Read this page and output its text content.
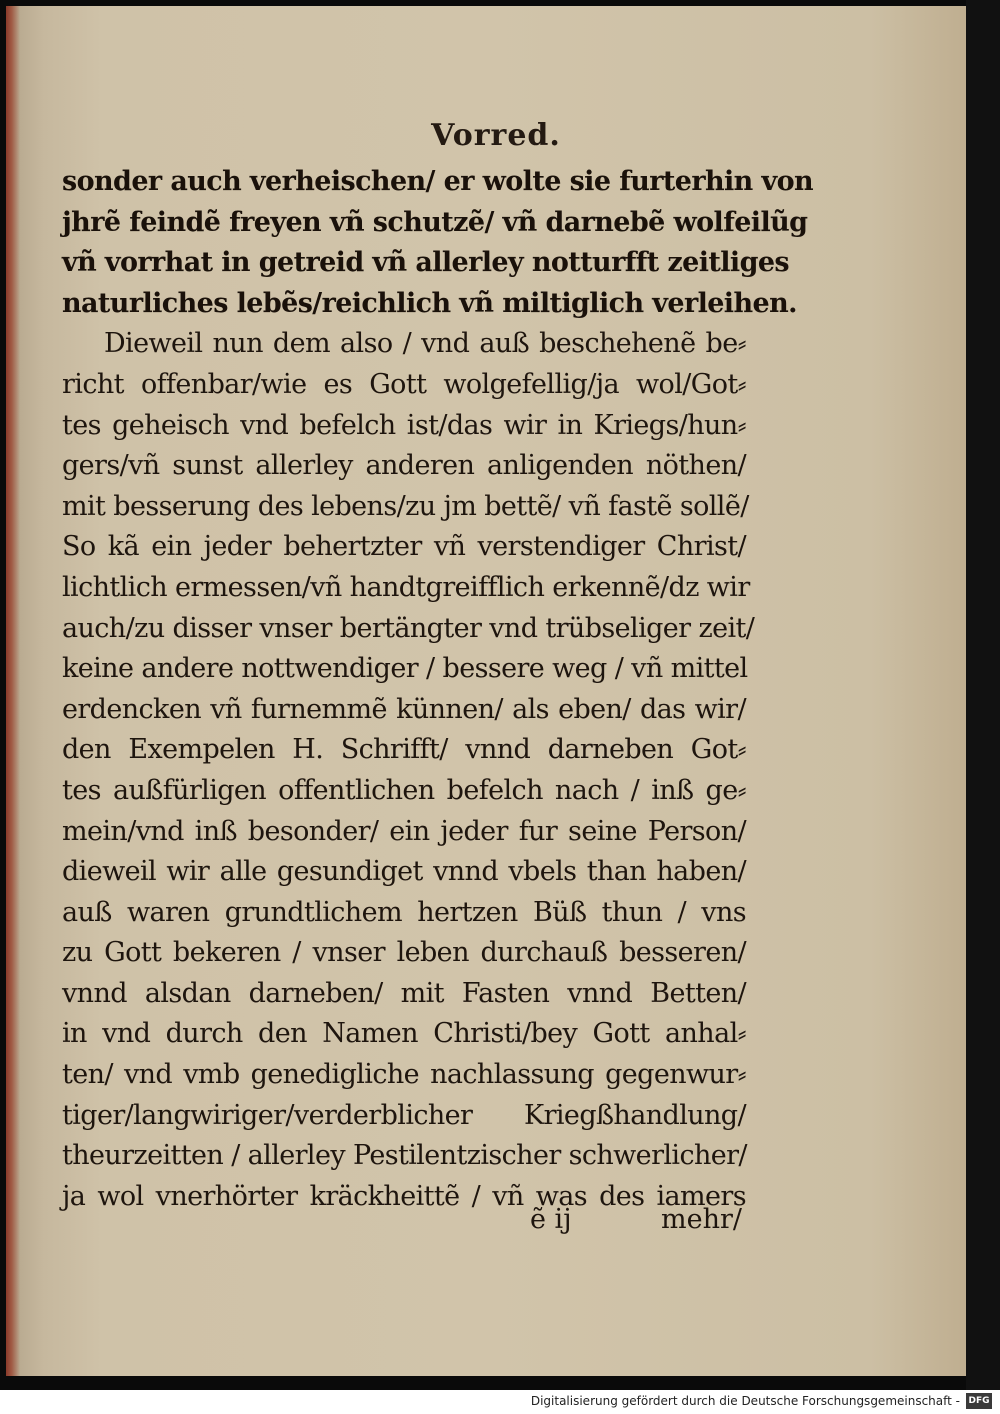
Vorred.
sonder auch verheischen/ er wolte sie furterhin von
jhrẽ feindẽ freyen vñ schutzẽ/ vñ darnebẽ wolfeilũg
vñ vorrhat in getreid vñ allerley notturfft zeitliges
naturliches lebẽs/reichlich vñ miltiglich verleihen.
Dieweil nun dem also / vnd auß beschehenẽ be⸗
richt offenbar/wie es Gott wolgefellig/ja wol/Got⸗
tes geheisch vnd befelch ist/das wir in Kriegs/hun⸗
gers/vñ sunst allerley anderen anligenden nöthen/
mit besserung des lebens/zu jm bettẽ/ vñ fastẽ sollẽ/
So kã ein jeder behertzter vñ verstendiger Christ/
lichtlich ermessen/vñ handtgreifflich erkennẽ/dz wir
auch/zu disser vnser bertängter vnd trübseliger zeit/
keine andere nottwendiger / bessere weg / vñ mittel
erdencken vñ furnemmẽ künnen/ als eben/ das wir/
den Exempelen H. Schrifft/ vnnd darneben Got⸗
tes außfürligen offentlichen befelch nach / inß ge⸗
mein/vnd inß besonder/ ein jeder fur seine Person/
dieweil wir alle gesundiget vnnd vbels than haben/
auß waren grundtlichem hertzen Büß thun / vns
zu Gott bekeren / vnser leben durchauß besseren/
vnnd alsdan darneben/ mit Fasten vnnd Betten/
in vnd durch den Namen Christi/bey Gott anhal⸗
ten/ vnd vmb genedigliche nachlassung gegenwur⸗
tiger/langwiriger/verderblicher Kriegßhandlung/
theurzeitten / allerley Pestilentzischer schwerlicher/
ja wol vnerhörter kräckheittẽ / vñ was des iamers
ẽ ij	mehr/
Digitalisierung gefördert durch die Deutsche Forschungsgemeinschaft - DFG
